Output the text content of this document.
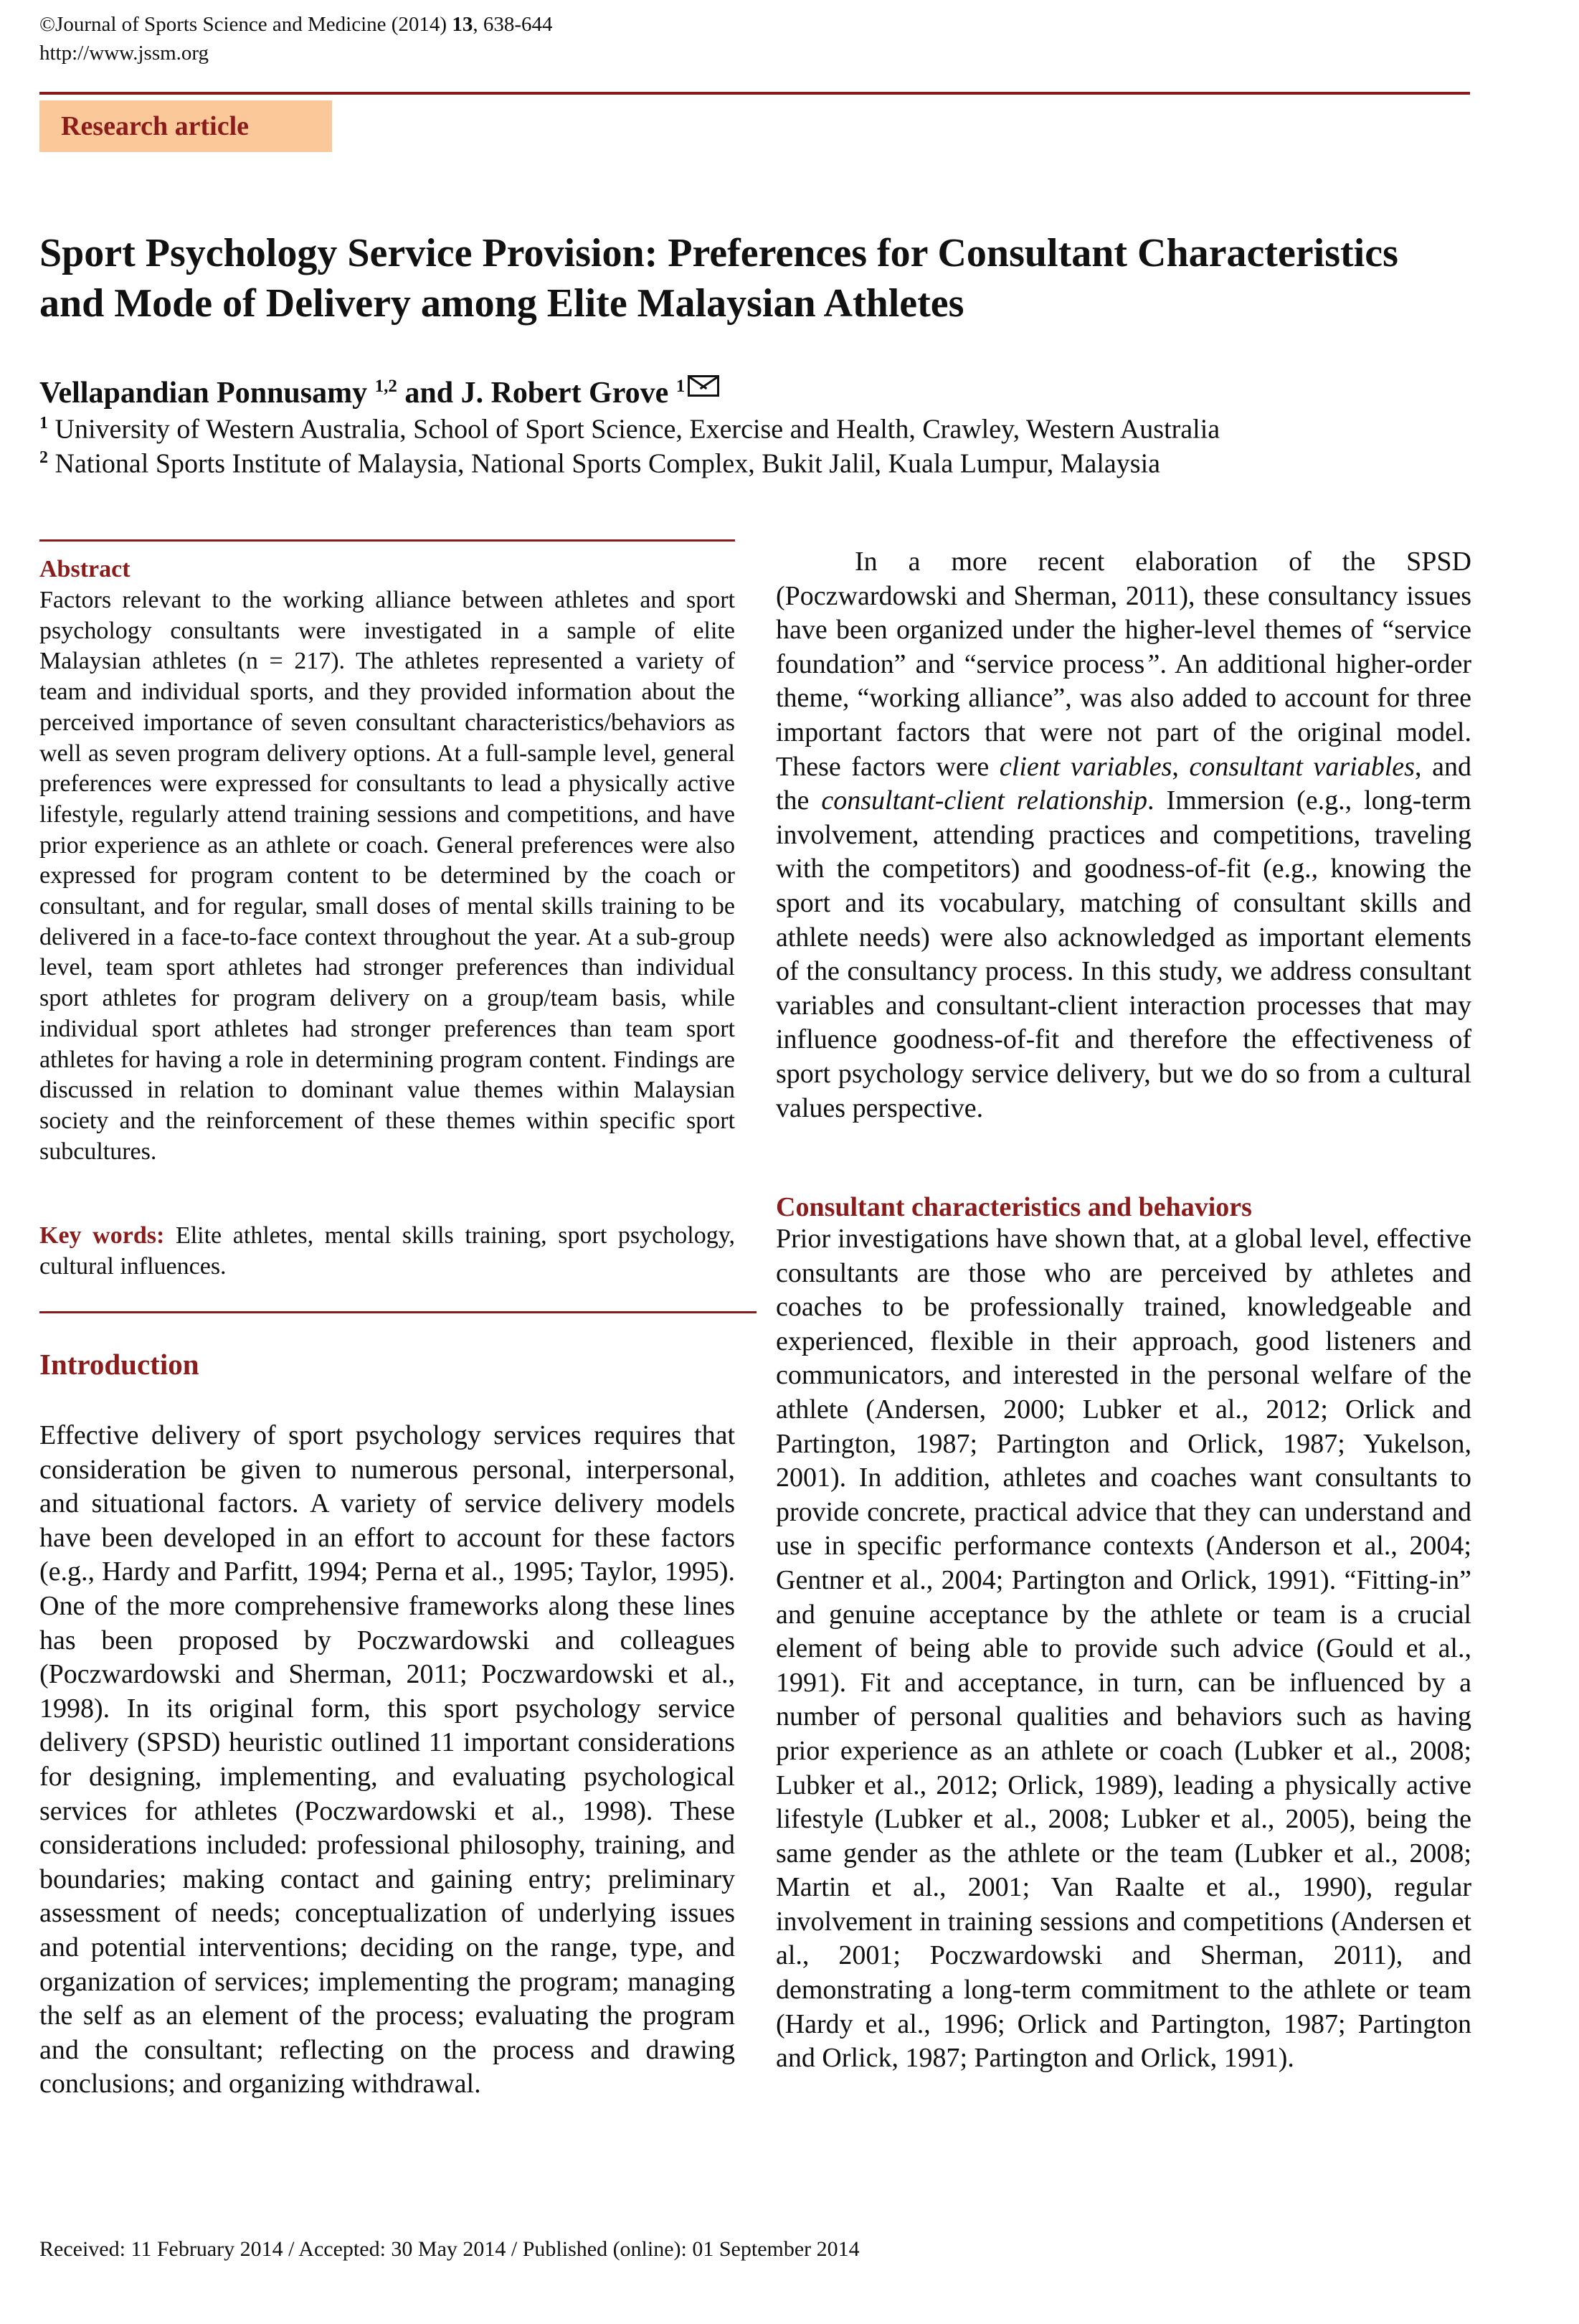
©Journal of Sports Science and Medicine (2014) 13, 638-644
http://www.jssm.org
Research article
Sport Psychology Service Provision: Preferences for Consultant Characteristics and Mode of Delivery among Elite Malaysian Athletes
Vellapandian Ponnusamy $^{1,2}$ and J. Robert Grove $^1$
$^1$ University of Western Australia, School of Sport Science, Exercise and Health, Crawley, Western Australia
$^2$ National Sports Institute of Malaysia, National Sports Complex, Bukit Jalil, Kuala Lumpur, Malaysia
Abstract

Factors relevant to the working alliance between athletes and sport psychology consultants were investigated in a sample of elite Malaysian athletes (n = 217). The athletes represented a variety of team and individual sports, and they provided information about the perceived importance of seven consultant characteristics/behaviors as well as seven program delivery options. At a full-sample level, general preferences were expressed for consultants to lead a physically active lifestyle, regularly attend training sessions and competitions, and have prior experience as an athlete or coach. General preferences were also expressed for program content to be determined by the coach or consultant, and for regular, small doses of mental skills training to be delivered in a face-to-face context throughout the year. At a sub-group level, team sport athletes had stronger preferences than individual sport athletes for program delivery on a group/team basis, while individual sport athletes had stronger preferences than team sport athletes for having a role in determining program content. Findings are discussed in relation to dominant value themes within Malaysian society and the reinforcement of these themes within specific sport subcultures.

Key words: Elite athletes, mental skills training, sport psychology, cultural influences.
Introduction
Effective delivery of sport psychology services requires that consideration be given to numerous personal, interpersonal, and situational factors. A variety of service delivery models have been developed in an effort to account for these factors (e.g., Hardy and Parfitt, 1994; Perna et al., 1995; Taylor, 1995). One of the more comprehensive frameworks along these lines has been proposed by Poczwardowski and colleagues (Poczwardowski and Sherman, 2011; Poczwardowski et al., 1998). In its original form, this sport psychology service delivery (SPSD) heuristic outlined 11 important considerations for designing, implementing, and evaluating psychological services for athletes (Poczwardowski et al., 1998). These considerations included: professional philosophy, training, and boundaries; making contact and gaining entry; preliminary assessment of needs; conceptualization of underlying issues and potential interventions; deciding on the range, type, and organization of services; implementing the program; managing the self as an element of the process; evaluating the program and the consultant; reflecting on the process and drawing conclusions; and organizing withdrawal.
In a more recent elaboration of the SPSD (Poczwardowski and Sherman, 2011), these consultancy issues have been organized under the higher-level themes of “service foundation” and “service process”. An additional higher-order theme, “working alliance”, was also added to account for three important factors that were not part of the original model. These factors were client variables, consultant variables, and the consultant-client relationship. Immersion (e.g., long-term involvement, attending practices and competitions, traveling with the competitors) and goodness-of-fit (e.g., knowing the sport and its vocabulary, matching of consultant skills and athlete needs) were also acknowledged as important elements of the consultancy process. In this study, we address consultant variables and consultant-client interaction processes that may influence goodness-of-fit and therefore the effectiveness of sport psychology service delivery, but we do so from a cultural values perspective.
Consultant characteristics and behaviors
Prior investigations have shown that, at a global level, effective consultants are those who are perceived by athletes and coaches to be professionally trained, knowledgeable and experienced, flexible in their approach, good listeners and communicators, and interested in the personal welfare of the athlete (Andersen, 2000; Lubker et al., 2012; Orlick and Partington, 1987; Partington and Orlick, 1987; Yukelson, 2001). In addition, athletes and coaches want consultants to provide concrete, practical advice that they can understand and use in specific performance contexts (Anderson et al., 2004; Gentner et al., 2004; Partington and Orlick, 1991). “Fitting-in” and genuine acceptance by the athlete or team is a crucial element of being able to provide such advice (Gould et al., 1991). Fit and acceptance, in turn, can be influenced by a number of personal qualities and behaviors such as having prior experience as an athlete or coach (Lubker et al., 2008; Lubker et al., 2012; Orlick, 1989), leading a physically active lifestyle (Lubker et al., 2008; Lubker et al., 2005), being the same gender as the athlete or the team (Lubker et al., 2008; Martin et al., 2001; Van Raalte et al., 1990), regular involvement in training sessions and competitions (Andersen et al., 2001; Poczwardowski and Sherman, 2011), and demonstrating a long-term commitment to the athlete or team (Hardy et al., 1996; Orlick and Partington, 1987; Partington and Orlick, 1987; Partington and Orlick, 1991).
Received: 11 February 2014 / Accepted: 30 May 2014 / Published (online): 01 September 2014
